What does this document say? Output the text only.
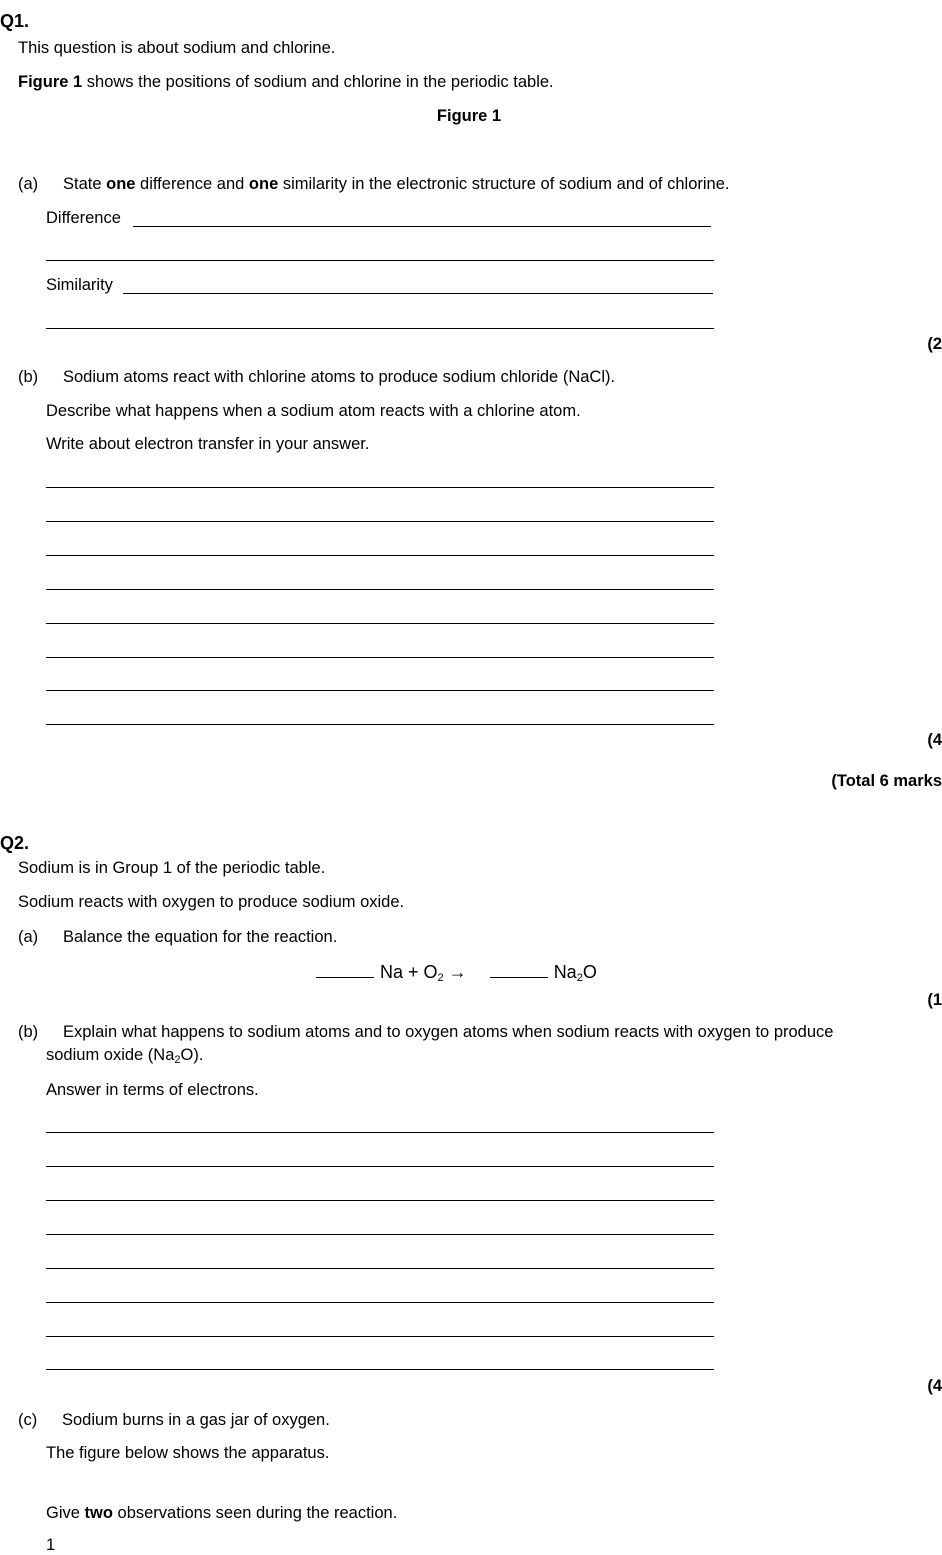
Q1.
This question is about sodium and chlorine.
Figure 1 shows the positions of sodium and chlorine in the periodic table.
Figure 1
(a) State one difference and one similarity in the electronic structure of sodium and of chlorine.
Difference
Similarity
(2
(b) Sodium atoms react with chlorine atoms to produce sodium chloride (NaCl).
Describe what happens when a sodium atom reacts with a chlorine atom.
Write about electron transfer in your answer.
(4
(Total 6 marks
Q2.
Sodium is in Group 1 of the periodic table.
Sodium reacts with oxygen to produce sodium oxide.
(a) Balance the equation for the reaction.
$Na + O_2$ →	$Na_2O$
(1
(b) Explain what happens to sodium atoms and to oxygen atoms when sodium reacts with oxygen to produce
sodium oxide $(Na_2O)$.
Answer in terms of electrons.
(4
(c) Sodium burns in a gas jar of oxygen.
The figure below shows the apparatus.
Give two observations seen during the reaction.
1
